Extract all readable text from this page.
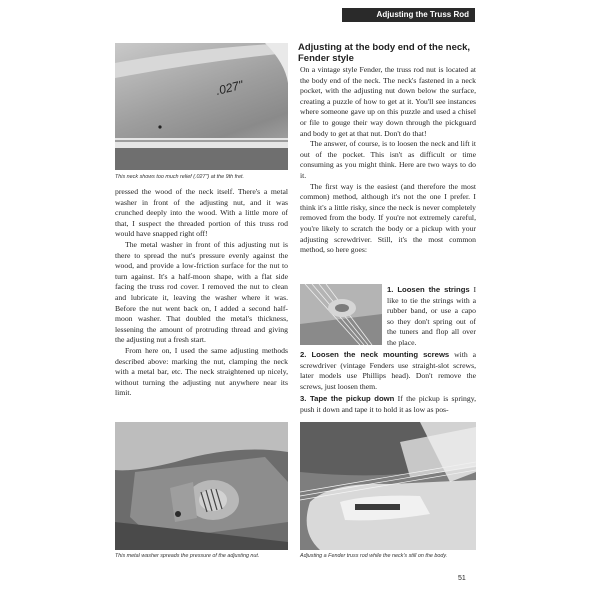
Adjusting the Truss Rod
.027"
This neck shows too much relief (.027") at the 9th fret.

pressed the wood of the neck itself. There's a metal washer in front of the adjusting nut, and it was crunched deeply into the wood. With a little more of that, I suspect the threaded portion of this truss rod would have snapped right off!

The metal washer in front of this adjusting nut is there to spread the nut's pressure evenly against the wood, and provide a low-friction surface for the nut to turn against. It's a half-moon shape, with a flat side facing the truss rod cover. I removed the nut to clean and lubricate it, leaving the washer where it was. Before the nut went back on, I added a second half-moon washer. That doubled the metal's thickness, lessening the amount of protruding thread and giving the adjusting nut a fresh start.

From here on, I used the same adjusting methods described above: marking the nut, clamping the neck with a metal bar, etc. The neck straightened up nicely, without turning the adjusting nut anywhere near its limit.

This metal washer spreads the pressure of the adjusting nut.
Adjusting at the body end of the neck, Fender style

On a vintage style Fender, the truss rod nut is located at the body end of the neck. The neck's fastened in a neck pocket, with the adjusting nut down below the surface, creating a puzzle of how to get at it. You'll see instances where someone gave up on this puzzle and used a chisel or file to gouge their way down through the pickguard and body to get at that nut. Don't do that!

The answer, of course, is to loosen the neck and lift it out of the pocket. This isn't as difficult or time consuming as you might think. Here are two ways to do it.

The first way is the easiest (and therefore the most common) method, although it's not the one I prefer. I think it's a little risky, since the neck is never completely removed from the body. If you're not extremely careful, you're likely to scratch the body or a pickup with your adjusting screwdriver. Still, it's the most common method, so here goes:

1. Loosen the strings I like to tie the strings with a rubber band, or use a capo so they don't spring out of the tuners and flop all over the place.

2. Loosen the neck mounting screws with a screwdriver (vintage Fenders use straight-slot screws, later models use Phillips head). Don't remove the screws, just loosen them.

3. Tape the pickup down If the pickup is springy, push it down and tape it to hold it as low as pos-

Adjusting a Fender truss rod while the neck's still on the body.
51
